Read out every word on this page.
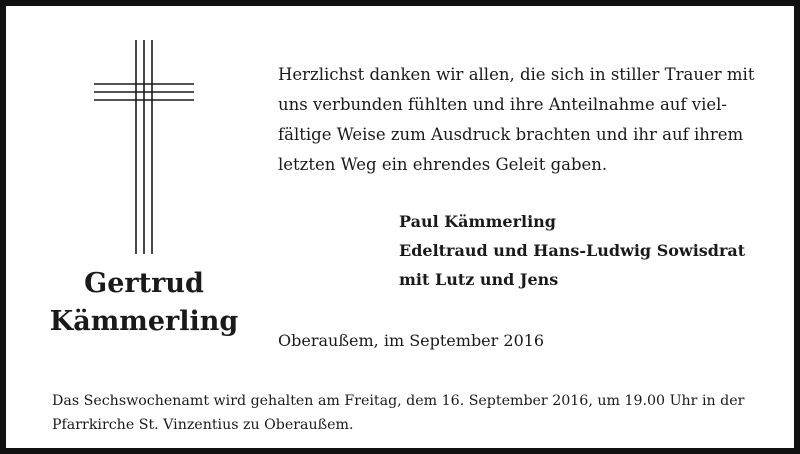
Gertrud
Kämmerling

Herzlichst danken wir allen, die sich in stiller Trauer mit
uns verbunden fühlten und ihre Anteilnahme auf viel-
fältige Weise zum Ausdruck brachten und ihr auf ihrem
letzten Weg ein ehrendes Geleit gaben.

Paul Kämmerling
Edeltraud und Hans-Ludwig Sowisdrat
mit Lutz und Jens
Oberaußem, im September 2016
Das Sechswochenamt wird gehalten am Freitag, dem 16. September 2016, um 19.00 Uhr in der
Pfarrkirche St. Vinzentius zu Oberaußem.
